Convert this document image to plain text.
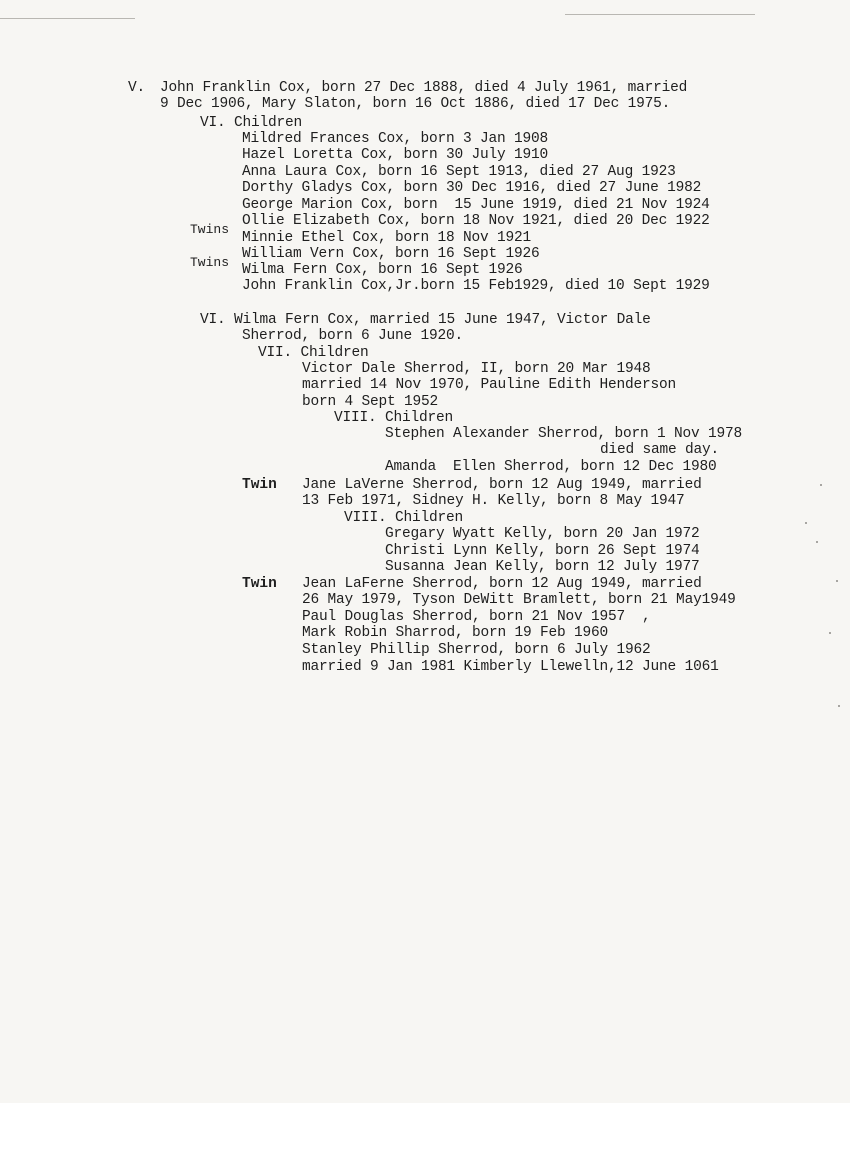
V. John Franklin Cox, born 27 Dec 1888, died 4 July 1961, married
9 Dec 1906, Mary Slaton, born 16 Oct 1886, died 17 Dec 1975.
VI. Children
Mildred Frances Cox, born 3 Jan 1908
Hazel Loretta Cox, born 30 July 1910
Anna Laura Cox, born 16 Sept 1913, died 27 Aug 1923
Dorthy Gladys Cox, born 30 Dec 1916, died 27 June 1982
George Marion Cox, born  15 June 1919, died 21 Nov 1924
Ollie Elizabeth Cox, born 18 Nov 1921, died 20 Dec 1922
Twins
Minnie Ethel Cox, born 18 Nov 1921
William Vern Cox, born 16 Sept 1926
Twins Wilma Fern Cox, born 16 Sept 1926
John Franklin Cox,Jr.born 15 Feb1929, died 10 Sept 1929
VI. Wilma Fern Cox, married 15 June 1947, Victor Dale
Sherrod, born 6 June 1920.
VII. Children
Victor Dale Sherrod, II, born 20 Mar 1948
married 14 Nov 1970, Pauline Edith Henderson
born 4 Sept 1952
VIII. Children
Stephen Alexander Sherrod, born 1 Nov 1978
died same day.
Amanda  Ellen Sherrod, born 12 Dec 1980
Twin Jane LaVerne Sherrod, born 12 Aug 1949, married
13 Feb 1971, Sidney H. Kelly, born 8 May 1947
VIII. Children
Gregary Wyatt Kelly, born 20 Jan 1972
Christi Lynn Kelly, born 26 Sept 1974
Susanna Jean Kelly, born 12 July 1977
Twin Jean LaFerne Sherrod, born 12 Aug 1949, married
26 May 1979, Tyson DeWitt Bramlett, born 21 May1949
Paul Douglas Sherrod, born 21 Nov 1957  ,
Mark Robin Sharrod, born 19 Feb 1960
Stanley Phillip Sherrod, born 6 July 1962
married 9 Jan 1981 Kimberly Llewelln,12 June 1061
